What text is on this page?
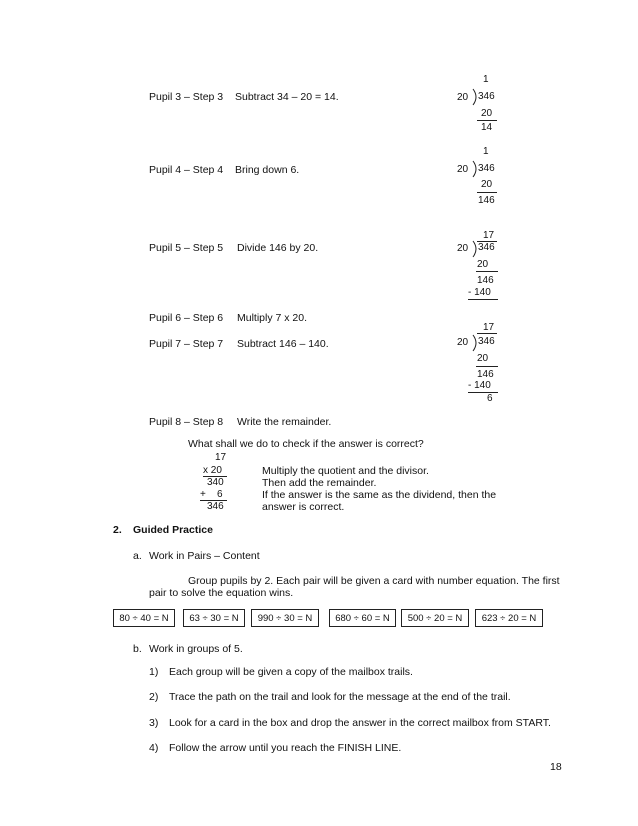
Pupil 3 – Step 3 Subtract 34 – 20 = 14.
Pupil 4 – Step 4 Bring down 6.
Pupil 5 – Step 5 Divide 146 by 20.
Pupil 6 – Step 6 Multiply 7 x 20.
Pupil 7 – Step 7 Subtract 146 – 140.
Pupil 8 – Step 8 Write the remainder.
1
20 346
20
14
1
20 346
20
146
17
20 346
20
146
- 140
17
20 346
20
146
- 140
6
What shall we do to check if the answer is correct?
17
x 20
340
+    6
346
Multiply the quotient and the divisor.
Then add the remainder.
If the answer is the same as the dividend, then the
answer is correct.
2. Guided Practice
a. Work in Pairs – Content
Group pupils by 2. Each pair will be given a card with number equation. The first
pair to solve the equation wins.
80 ÷ 40 = N	63 ÷ 30 = N	990 ÷ 30 = N	680 ÷ 60 = N	500 ÷ 20 = N	623 ÷ 20 = N
b. Work in groups of 5.
1) Each group will be given a copy of the mailbox trails.
2) Trace the path on the trail and look for the message at the end of the trail.
3) Look for a card in the box and drop the answer in the correct mailbox from START.
4) Follow the arrow until you reach the FINISH LINE.
18
